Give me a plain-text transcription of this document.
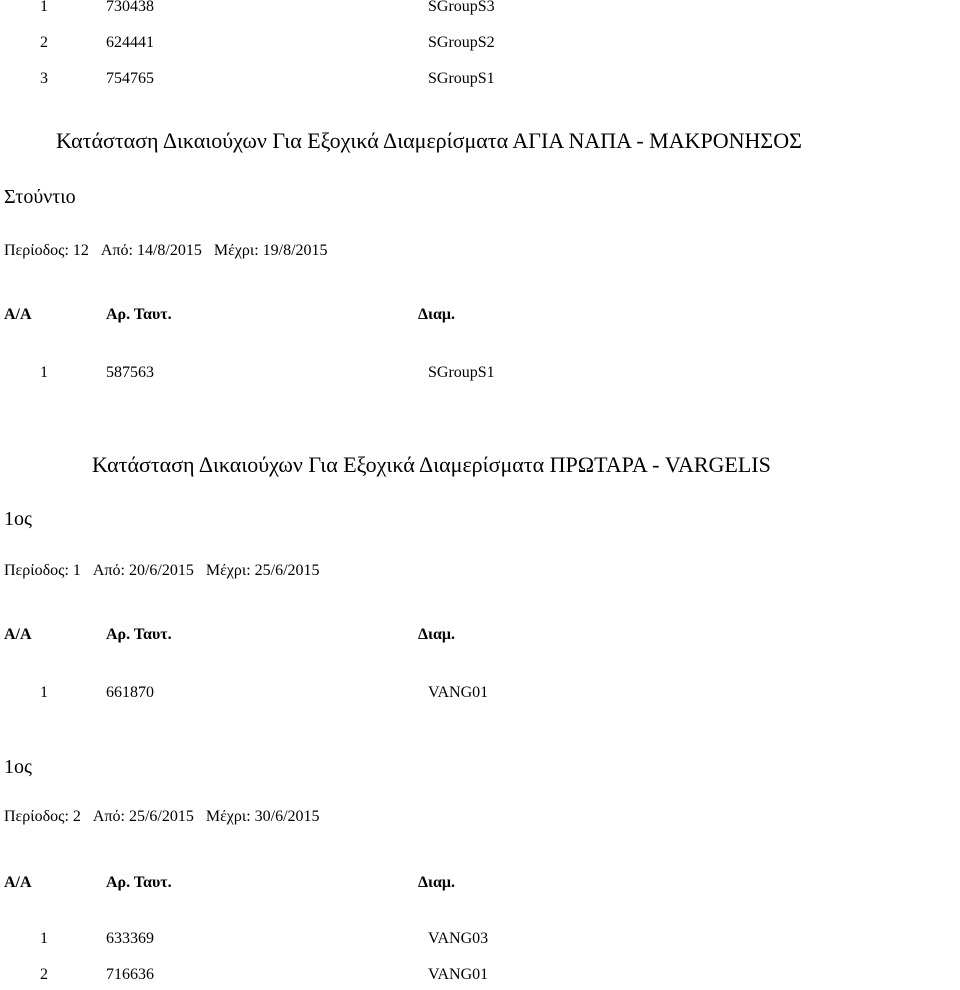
1	730438	SGroupS3
2	624441	SGroupS2
3	754765	SGroupS1
Κατάσταση Δικαιούχων Για Εξοχικά Διαμερίσματα ΑΓΙΑ ΝΑΠΑ - ΜΑΚΡΟΝΗΣΟΣ
Στούντιο
Περίοδος: 12 Από: 14/8/2015 Μέχρι: 19/8/2015
Α/Α	Αρ. Ταυτ.	Διαμ.
1	587563	SGroupS1
Κατάσταση Δικαιούχων Για Εξοχικά Διαμερίσματα ΠΡΩΤΑΡΑ - VARGELIS
1ος
Περίοδος: 1 Από: 20/6/2015 Μέχρι: 25/6/2015
Α/Α	Αρ. Ταυτ.	Διαμ.
1	661870	VANG01
1ος
Περίοδος: 2 Από: 25/6/2015 Μέχρι: 30/6/2015
Α/Α	Αρ. Ταυτ.	Διαμ.
1	633369	VANG03
2	716636	VANG01
